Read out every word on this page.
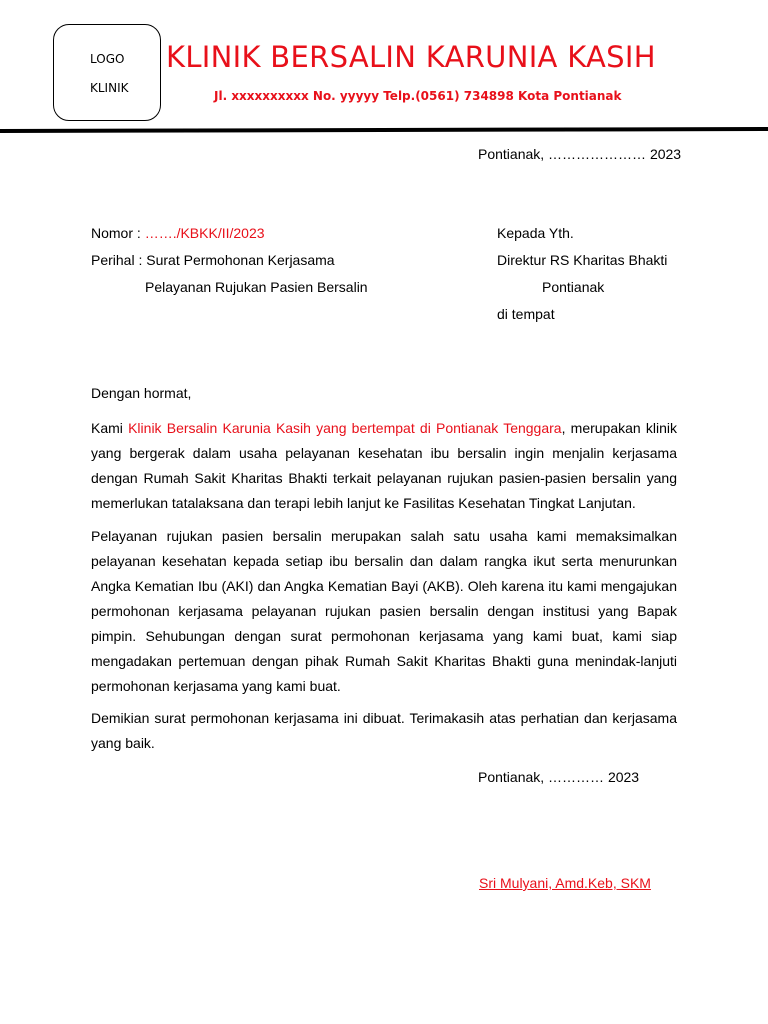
LOGO
KLINIK
KLINIK BERSALIN KARUNIA KASIH
Jl. xxxxxxxxxx No. yyyyy Telp.(0561) 734898 Kota Pontianak
Pontianak, ………………… 2023
Nomor : ……./KBKK/II/2023
Perihal : Surat Permohonan Kerjasama
Pelayanan Rujukan Pasien Bersalin
Kepada Yth.
Direktur RS Kharitas Bhakti
Pontianak
di tempat
Dengan hormat,

Kami Klinik Bersalin Karunia Kasih yang bertempat di Pontianak Tenggara, merupakan klinik yang bergerak dalam usaha pelayanan kesehatan ibu bersalin ingin menjalin kerjasama dengan Rumah Sakit Kharitas Bhakti terkait pelayanan rujukan pasien-pasien bersalin yang memerlukan tatalaksana dan terapi lebih lanjut ke Fasilitas Kesehatan Tingkat Lanjutan.

Pelayanan rujukan pasien bersalin merupakan salah satu usaha kami memaksimalkan pelayanan kesehatan kepada setiap ibu bersalin dan dalam rangka ikut serta menurunkan Angka Kematian Ibu (AKI) dan Angka Kematian Bayi (AKB). Oleh karena itu kami mengajukan permohonan kerjasama pelayanan rujukan pasien bersalin dengan institusi yang Bapak pimpin. Sehubungan dengan surat permohonan kerjasama yang kami buat, kami siap mengadakan pertemuan dengan pihak Rumah Sakit Kharitas Bhakti guna menindak-lanjuti permohonan kerjasama yang kami buat.

Demikian surat permohonan kerjasama ini dibuat. Terimakasih atas perhatian dan kerjasama yang baik.

Pontianak, ………… 2023
Sri Mulyani, Amd.Keb, SKM
